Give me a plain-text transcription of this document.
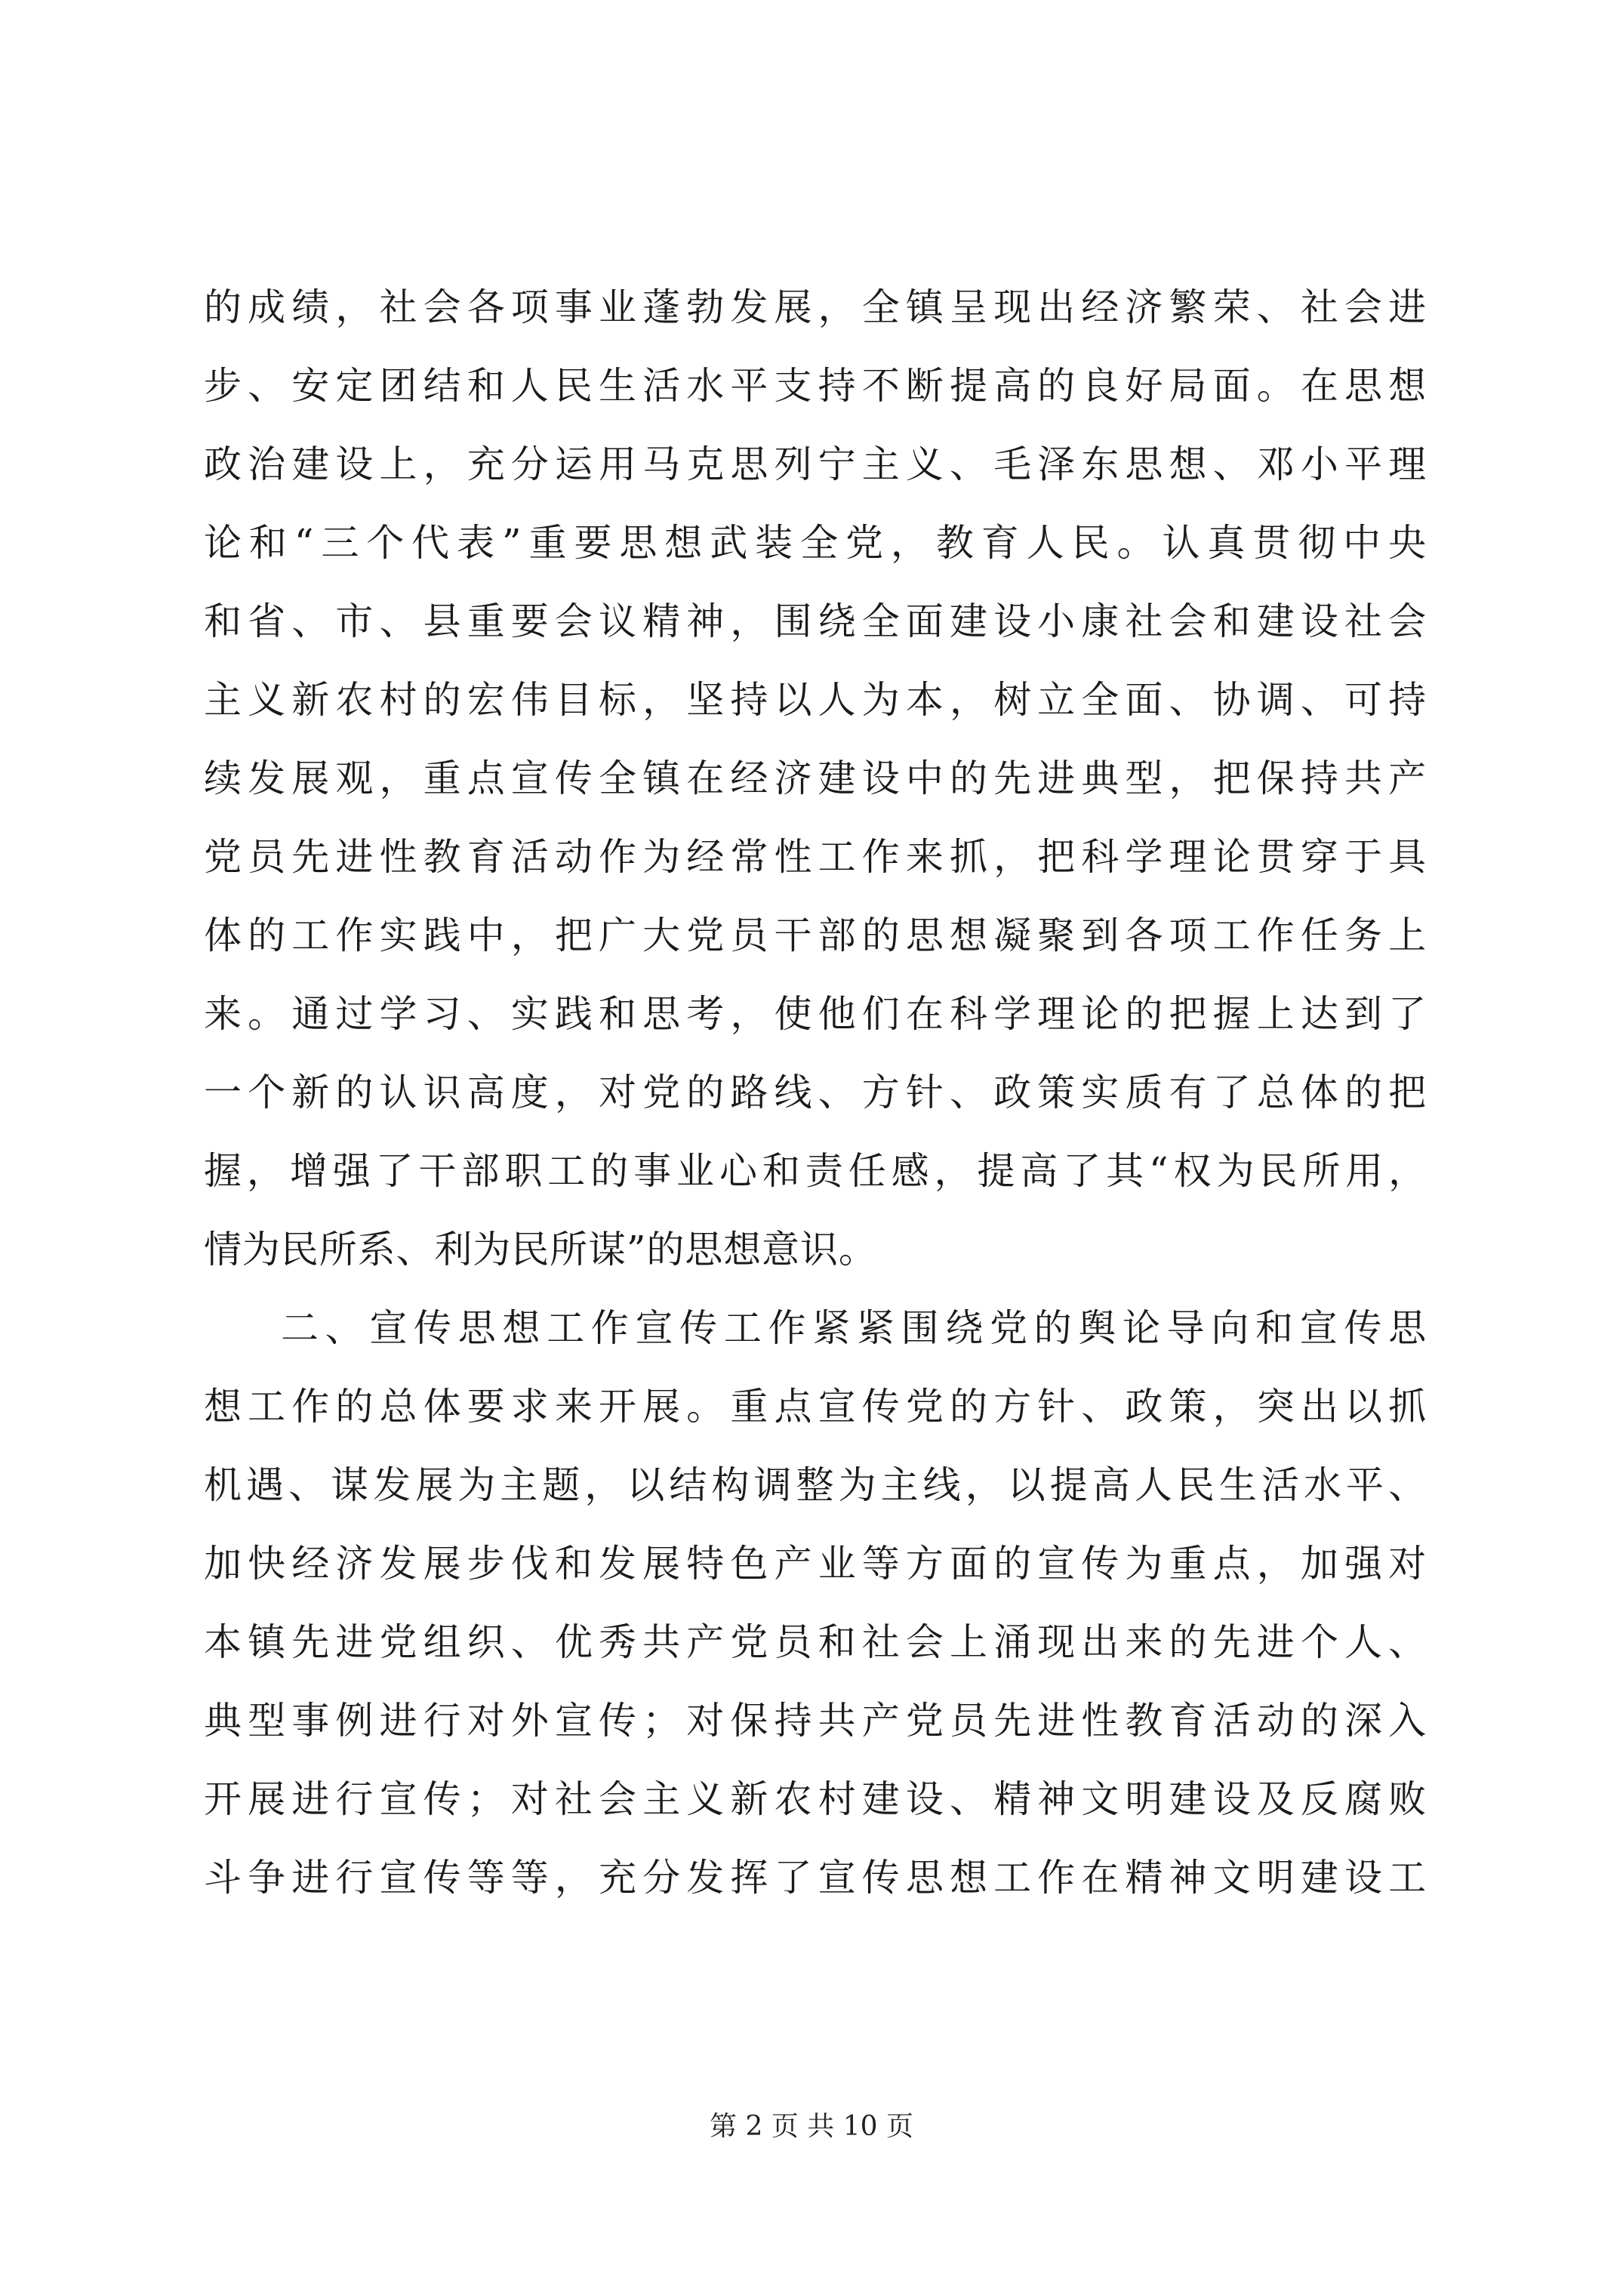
的成绩，社会各项事业蓬勃发展，全镇呈现出经济繁荣、社会进
步、安定团结和人民生活水平支持不断提高的良好局面。在思想
政治建设上，充分运用马克思列宁主义、毛泽东思想、邓小平理
论和“三个代表”重要思想武装全党，教育人民。认真贯彻中央
和省、市、县重要会议精神，围绕全面建设小康社会和建设社会
主义新农村的宏伟目标，坚持以人为本，树立全面、协调、可持
续发展观，重点宣传全镇在经济建设中的先进典型，把保持共产
党员先进性教育活动作为经常性工作来抓，把科学理论贯穿于具
体的工作实践中，把广大党员干部的思想凝聚到各项工作任务上
来。通过学习、实践和思考，使他们在科学理论的把握上达到了
一个新的认识高度，对党的路线、方针、政策实质有了总体的把
握，增强了干部职工的事业心和责任感，提高了其“权为民所用，
情为民所系、利为民所谋”的思想意识。
二、宣传思想工作宣传工作紧紧围绕党的舆论导向和宣传思
想工作的总体要求来开展。重点宣传党的方针、政策，突出以抓
机遇、谋发展为主题，以结构调整为主线，以提高人民生活水平、
加快经济发展步伐和发展特色产业等方面的宣传为重点，加强对
本镇先进党组织、优秀共产党员和社会上涌现出来的先进个人、
典型事例进行对外宣传；对保持共产党员先进性教育活动的深入
开展进行宣传；对社会主义新农村建设、精神文明建设及反腐败
斗争进行宣传等等，充分发挥了宣传思想工作在精神文明建设工
第 2 页 共 10 页
